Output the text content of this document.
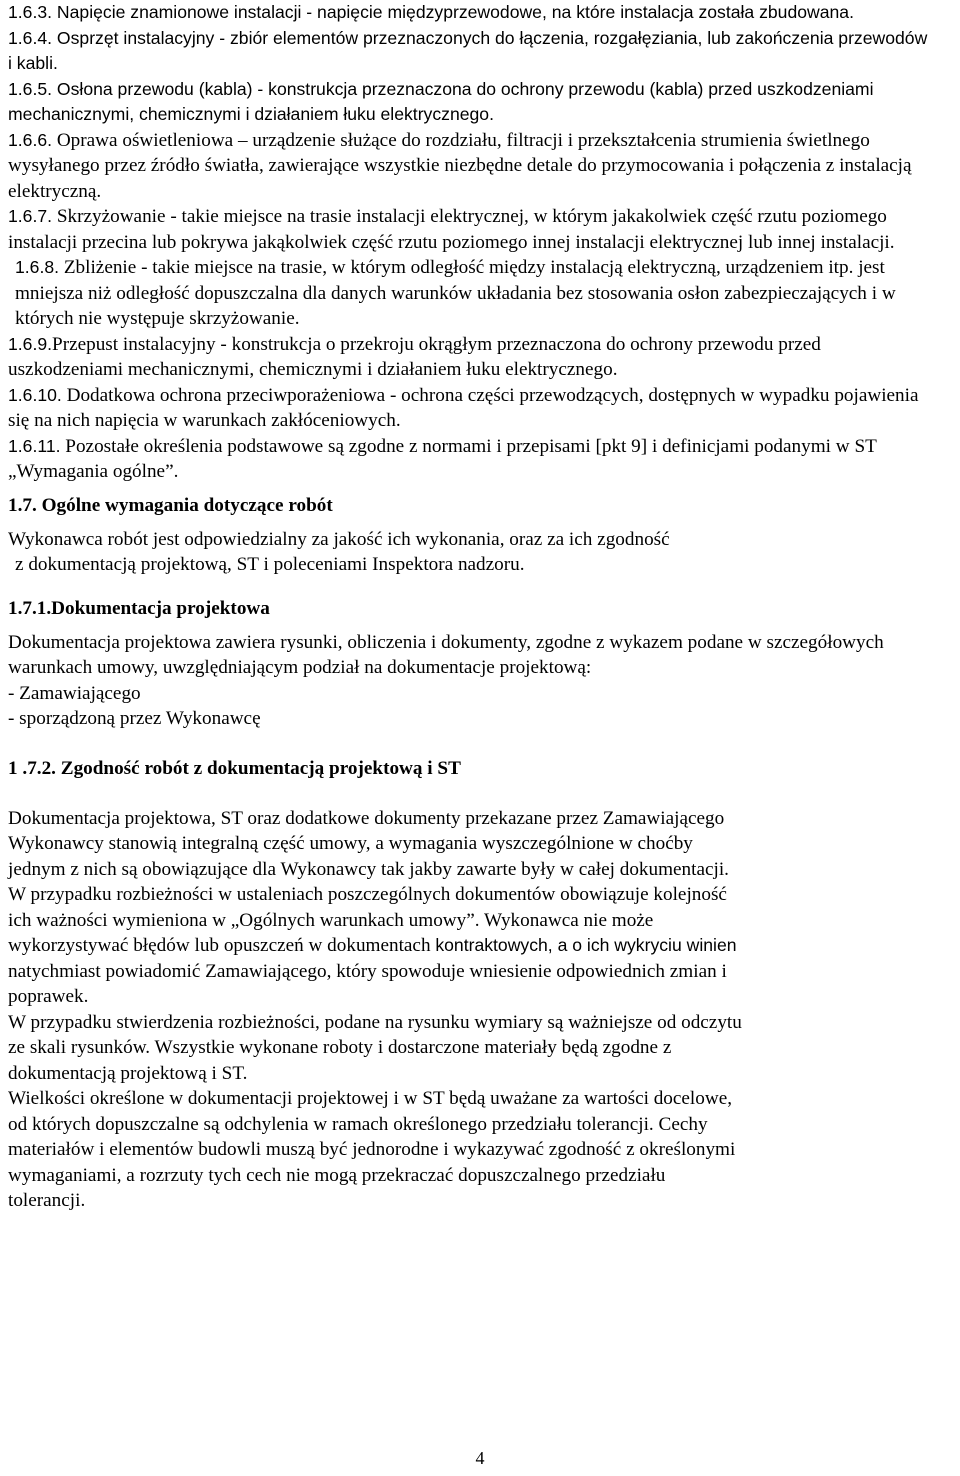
1.6.3. Napięcie znamionowe instalacji - napięcie międzyprzewodowe, na które instalacja została zbudowana.

1.6.4. Osprzęt instalacyjny - zbiór elementów przeznaczonych do łączenia, rozgałęziania, lub zakończenia przewodów i kabli.

1.6.5. Osłona przewodu (kabla) - konstrukcja przeznaczona do ochrony przewodu (kabla) przed uszkodzeniami mechanicznymi, chemicznymi i działaniem łuku elektrycznego.

1.6.6. Oprawa oświetleniowa – urządzenie służące do rozdziału, filtracji i przekształcenia strumienia świetlnego wysyłanego przez źródło światła, zawierające wszystkie niezbędne detale do przymocowania i połączenia z instalacją elektryczną.

1.6.7. Skrzyżowanie - takie miejsce na trasie instalacji elektrycznej, w którym jakakolwiek część rzutu poziomego instalacji przecina lub pokrywa jakąkolwiek część rzutu poziomego innej instalacji elektrycznej lub innej instalacji.

1.6.8. Zbliżenie - takie miejsce na trasie, w którym odległość między instalacją elektryczną, urządzeniem itp. jest mniejsza niż odległość dopuszczalna dla danych warunków układania bez stosowania osłon zabezpieczających i w których nie występuje skrzyżowanie.

1.6.9.Przepust instalacyjny - konstrukcja o przekroju okrągłym przeznaczona do ochrony przewodu przed uszkodzeniami mechanicznymi, chemicznymi i działaniem łuku elektrycznego.

1.6.10. Dodatkowa ochrona przeciwporażeniowa - ochrona części przewodzących, dostępnych w wypadku pojawienia się na nich napięcia w warunkach zakłóceniowych.

1.6.11. Pozostałe określenia podstawowe są zgodne z normami i przepisami [pkt 9] i definicjami podanymi w ST „Wymagania ogólne”.

1.7. Ogólne wymagania dotyczące robót

Wykonawca robót jest odpowiedzialny za jakość ich wykonania, oraz za ich zgodność

z dokumentacją projektową, ST i poleceniami Inspektora nadzoru.

1.7.1.Dokumentacja projektowa

Dokumentacja projektowa zawiera rysunki, obliczenia i dokumenty, zgodne z wykazem podane w szczegółowych warunkach umowy, uwzględniającym podział na dokumentacje projektową:

- Zamawiającego

- sporządzoną przez Wykonawcę

1 .7.2. Zgodność robót z dokumentacją projektową i ST

Dokumentacja projektowa, ST oraz dodatkowe dokumenty przekazane przez Zamawiającego

Wykonawcy stanowią integralną część umowy, a wymagania wyszczególnione w choćby

jednym z nich są obowiązujące dla Wykonawcy tak jakby zawarte były w całej dokumentacji.

W przypadku rozbieżności w ustaleniach poszczególnych dokumentów obowiązuje kolejność

ich ważności wymieniona w „Ogólnych warunkach umowy”. Wykonawca nie może

wykorzystywać błędów lub opuszczeń w dokumentach kontraktowych, a o ich wykryciu winien

natychmiast powiadomić Zamawiającego, który spowoduje wniesienie odpowiednich zmian i

poprawek.

W przypadku stwierdzenia rozbieżności, podane na rysunku wymiary są ważniejsze od odczytu

ze skali rysunków. Wszystkie wykonane roboty i dostarczone materiały będą zgodne z

dokumentacją projektową i ST.

Wielkości określone w dokumentacji projektowej i w ST będą uważane za wartości docelowe,

od których dopuszczalne są odchylenia w ramach określonego przedziału tolerancji. Cechy

materiałów i elementów budowli muszą być jednorodne i wykazywać zgodność z określonymi

wymaganiami, a rozrzuty tych cech nie mogą przekraczać dopuszczalnego przedziału

tolerancji.

4
